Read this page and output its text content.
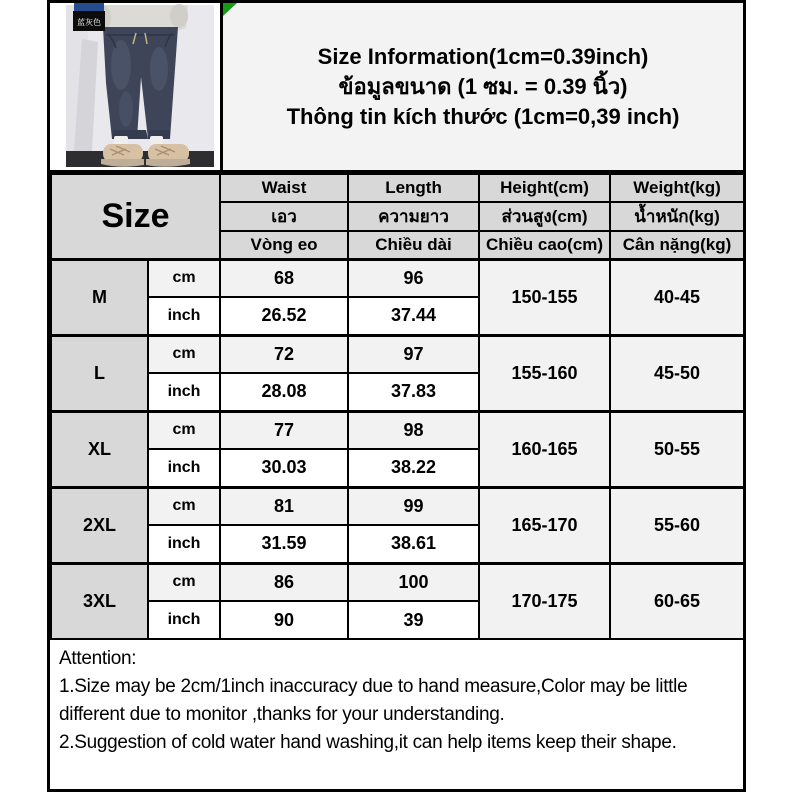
蓝灰色
Size Information(1cm=0.39inch)
ข้อมูลขนาด (1 ซม. = 0.39 นิ้ว)
Thông tin kích thước (1cm=0,39 inch)
Size		Waist	Length	Height(cm)	Weight(kg)
		เอว	ความยาว	ส่วนสูง(cm)	น้ำหนัก(kg)
		Vòng eo	Chiều dài	Chiều cao(cm)	Cân nặng(kg)
M	cm	68	96	150-155	40-45
	inch	26.52	37.44		
L	cm	72	97	155-160	45-50
	inch	28.08	37.83		
XL	cm	77	98	160-165	50-55
	inch	30.03	38.22		
2XL	cm	81	99	165-170	55-60
	inch	31.59	38.61		
3XL	cm	86	100	170-175	60-65
	inch	90	39		
Attention:
1.Size may be 2cm/1inch inaccuracy due to hand measure,Color may be little different due to monitor ,thanks for your understanding.
2.Suggestion of cold water hand washing,it can help items keep their shape.
